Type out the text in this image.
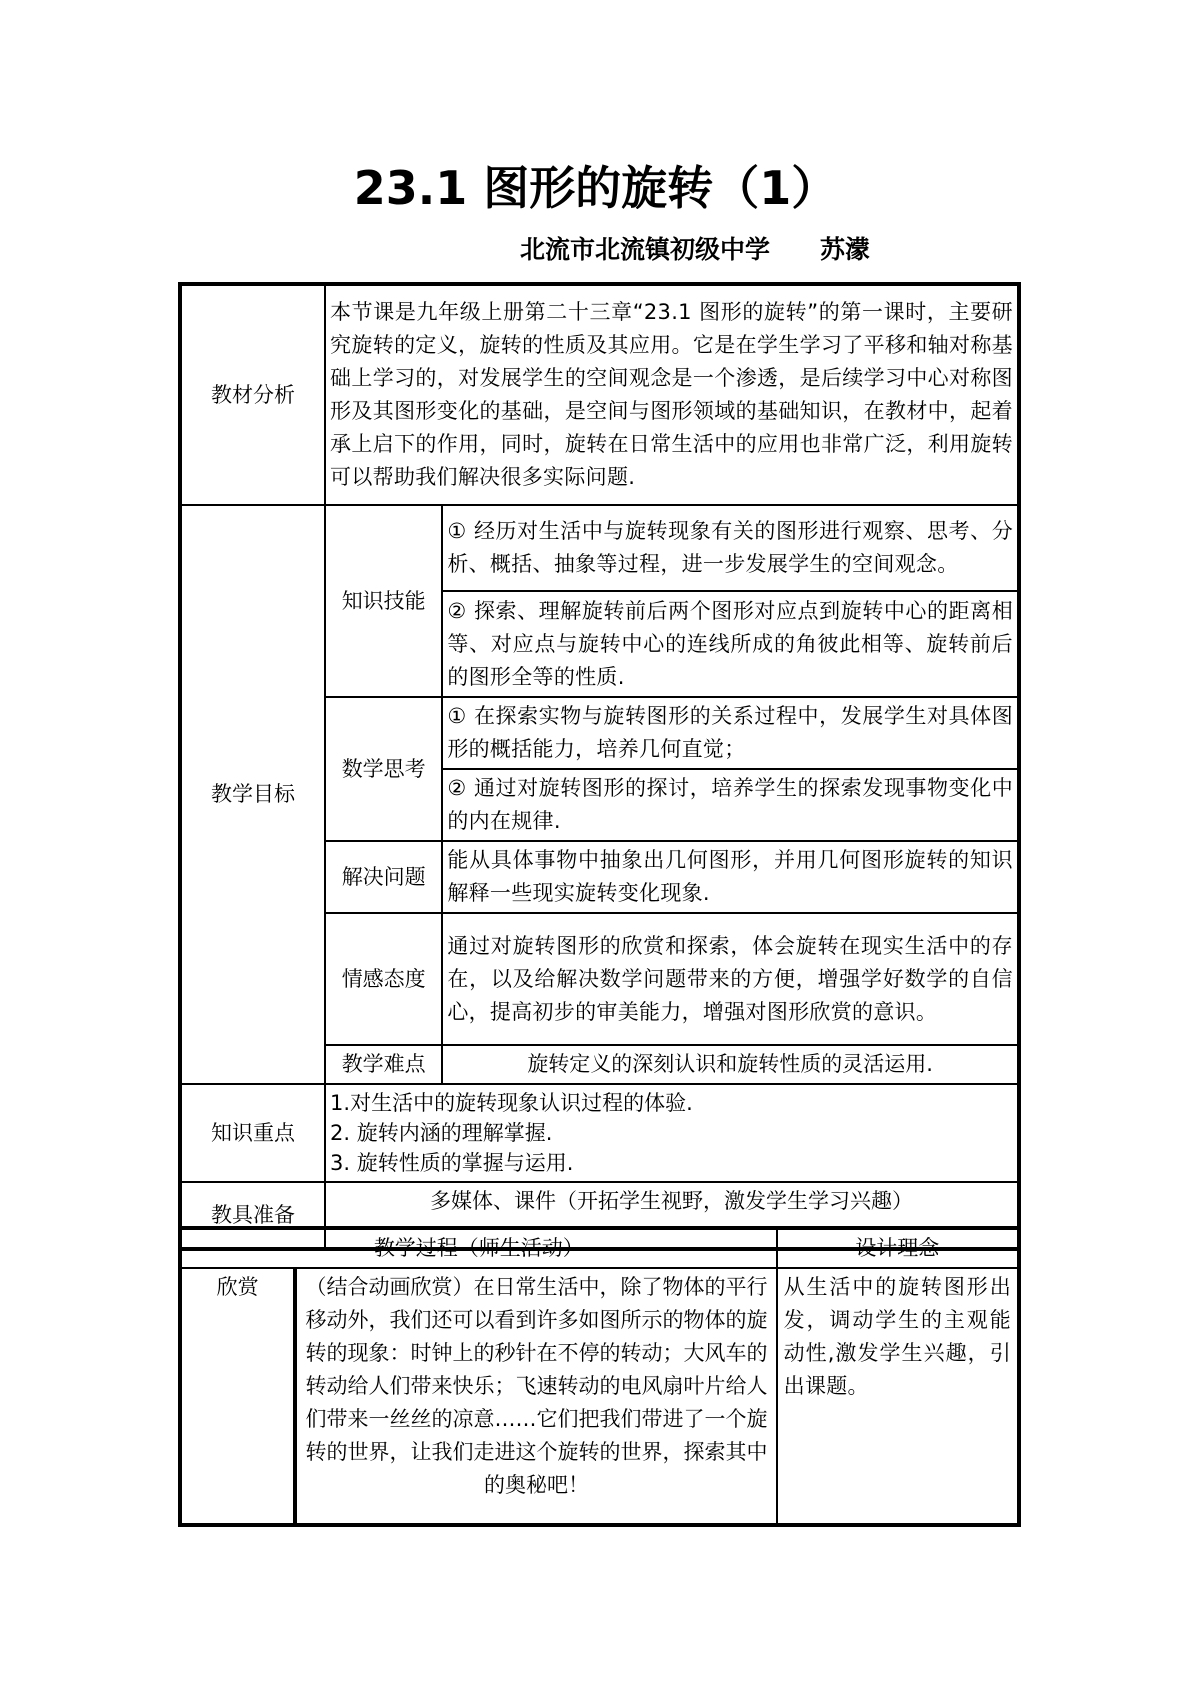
23.1 图形的旋转（1）
北流市北流镇初级中学　　苏濛
教材分析	本节课是九年级上册第二十三章“23.1 图形的旋转”的第一课时，主要研究旋转的定义，旋转的性质及其应用。它是在学生学习了平移和轴对称基础上学习的，对发展学生的空间观念是一个渗透，是后续学习中心对称图形及其图形变化的基础，是空间与图形领域的基础知识，在教材中，起着承上启下的作用，同时，旋转在日常生活中的应用也非常广泛，利用旋转可以帮助我们解决很多实际问题.	
教学目标	知识技能	① 经历对生活中与旋转现象有关的图形进行观察、思考、分析、概括、抽象等过程，进一步发展学生的空间观念。
		② 探索、理解旋转前后两个图形对应点到旋转中心的距离相等、对应点与旋转中心的连线所成的角彼此相等、旋转前后的图形全等的性质.
	数学思考	① 在探索实物与旋转图形的关系过程中，发展学生对具体图形的概括能力，培养几何直觉；
		② 通过对旋转图形的探讨，培养学生的探索发现事物变化中的内在规律.
	解决问题	能从具体事物中抽象出几何图形，并用几何图形旋转的知识解释一些现实旋转变化现象.
	情感态度	通过对旋转图形的欣赏和探索，体会旋转在现实生活中的存在，以及给解决数学问题带来的方便，增强学好数学的自信心，提高初步的审美能力，增强对图形欣赏的意识。
	教学难点	旋转定义的深刻认识和旋转性质的灵活运用.
知识重点	1.对生活中的旋转现象认识过程的体验.
2. 旋转内涵的理解掌握.
3. 旋转性质的掌握与运用.	

教具准备	多媒体、课件（开拓学生视野，激发学生学习兴趣）	
教学过程（师生活动）		设计理念
欣赏	（结合动画欣赏）在日常生活中，除了物体的平行移动外，我们还可以看到许多如图所示的物体的旋转的现象：时钟上的秒针在不停的转动；大风车的转动给人们带来快乐；飞速转动的电风扇叶片给人们带来一丝丝的凉意……它们把我们带进了一个旋转的世界，让我们走进这个旋转的世界，探索其中的奥秘吧！	从生活中的旋转图形出发，调动学生的主观能动性,激发学生兴趣，引出课题。
